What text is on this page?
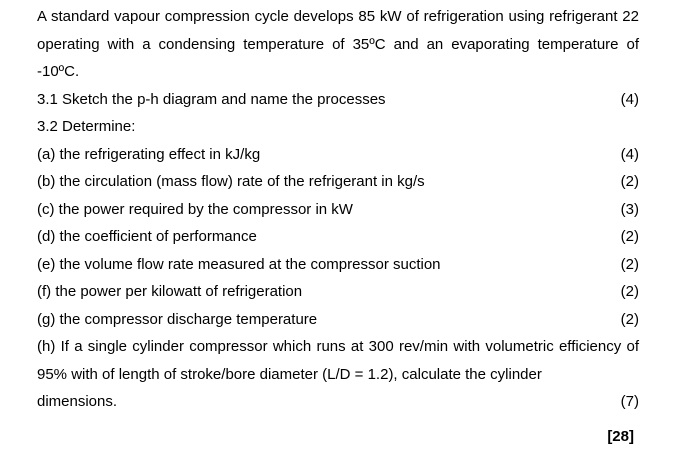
A standard vapour compression cycle develops 85 kW of refrigeration using refrigerant 22 operating with a condensing temperature of 35ºC and an evaporating temperature of -10ºC.

3.1 Sketch the p-h diagram and name the processes	(4)
3.2 Determine:
(a) the refrigerating effect in kJ/kg	(4)
(b) the circulation (mass flow) rate of the refrigerant in kg/s	(2)
(c) the power required by the compressor in kW	(3)
(d) the coefficient of performance	(2)
(e) the volume flow rate measured at the compressor suction	(2)
(f) the power per kilowatt of refrigeration	(2)
(g) the compressor discharge temperature	(2)

(h) If a single cylinder compressor which runs at 300 rev/min with volumetric efficiency of 95% with of length of stroke/bore diameter (L/D = 1.2), calculate the cylinder

dimensions.	(7)
[28]
